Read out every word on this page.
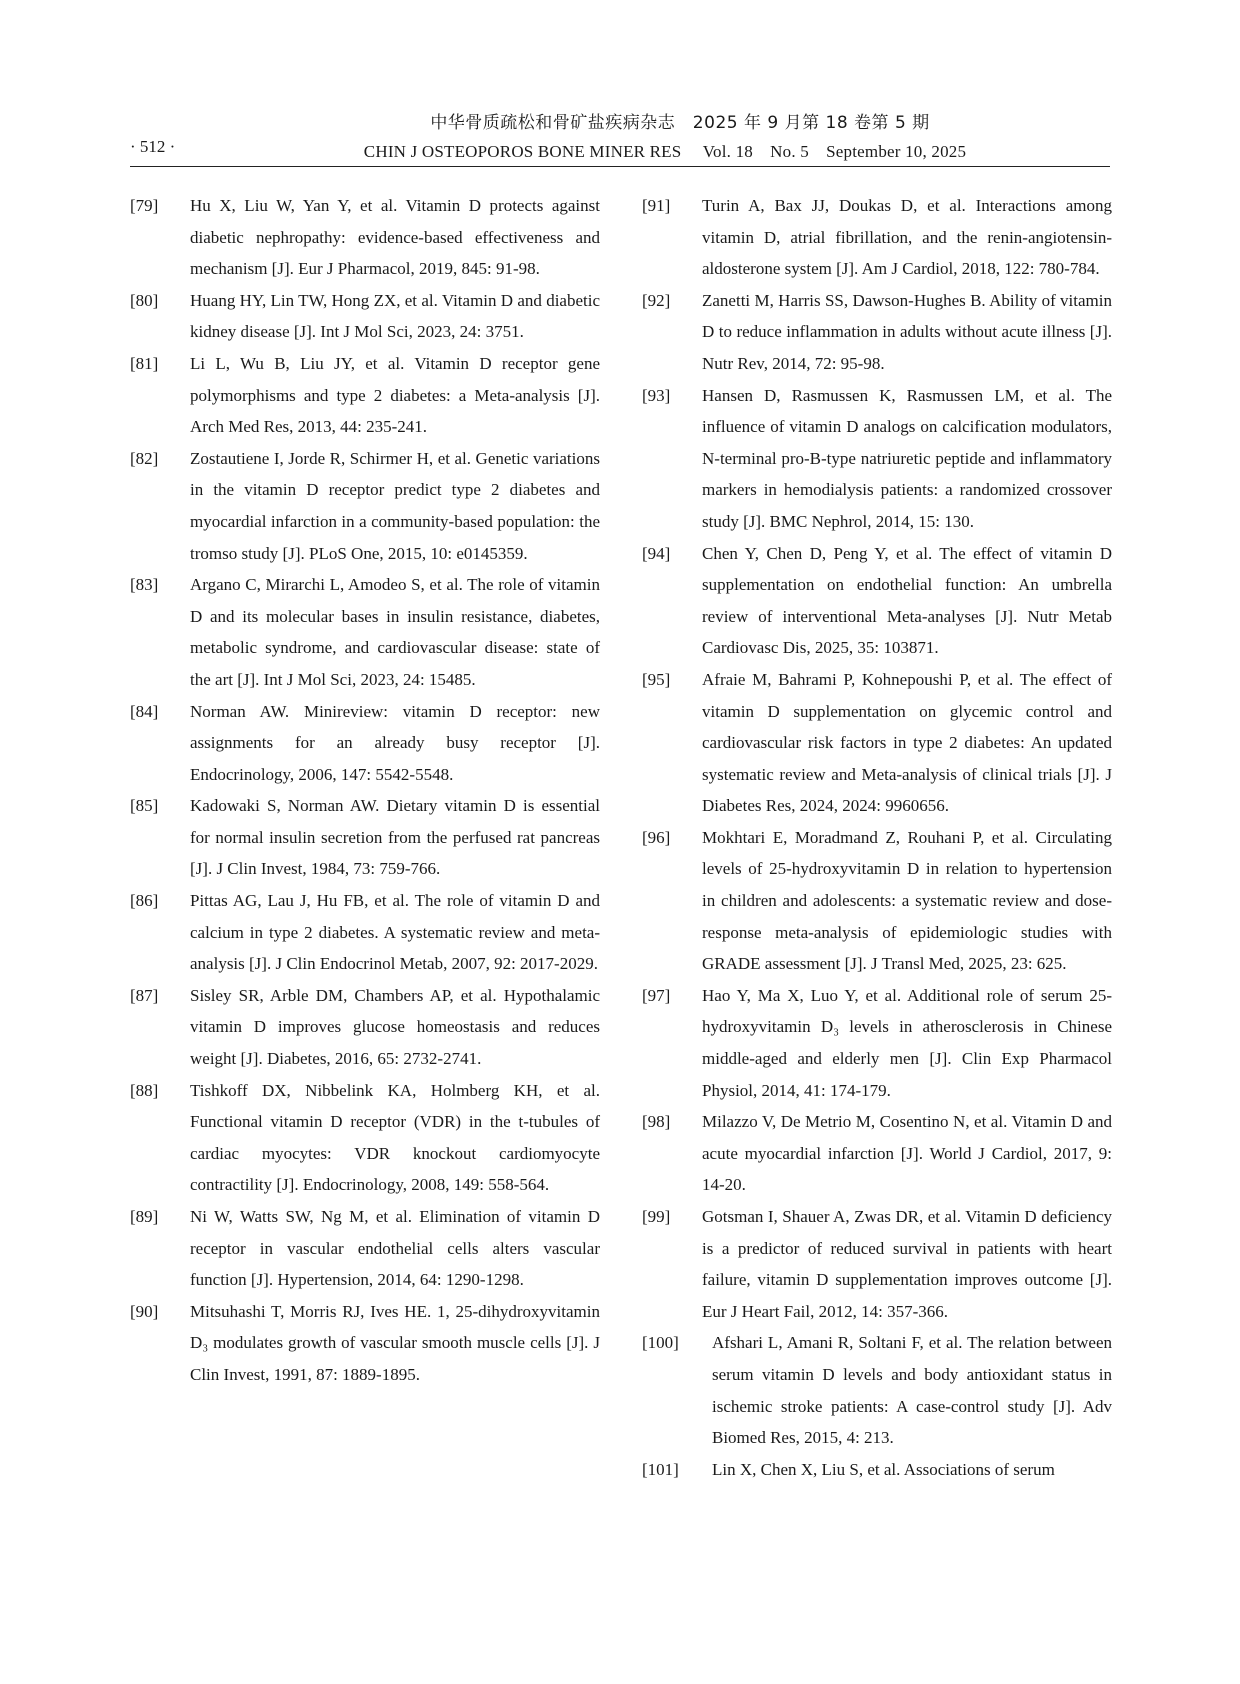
中华骨质疏松和骨矿盐疾病杂志　2025 年 9 月第 18 卷第 5 期
· 512 ·	CHIN J OSTEOPOROS BONE MINER RES　 Vol. 18　No. 5　September 10, 2025
[79]	Hu X, Liu W, Yan Y, et al. Vitamin D protects against diabetic nephropathy: evidence-based effectiveness and mechanism [J]. Eur J Pharmacol, 2019, 845: 91-98.
[80]	Huang HY, Lin TW, Hong ZX, et al. Vitamin D and diabetic kidney disease [J]. Int J Mol Sci, 2023, 24: 3751.
[81]	Li L, Wu B, Liu JY, et al. Vitamin D receptor gene polymorphisms and type 2 diabetes: a Meta-analysis [J]. Arch Med Res, 2013, 44: 235-241.
[82]	Zostautiene I, Jorde R, Schirmer H, et al. Genetic variations in the vitamin D receptor predict type 2 diabetes and myocardial infarction in a community-based population: the tromso study [J]. PLoS One, 2015, 10: e0145359.
[83]	Argano C, Mirarchi L, Amodeo S, et al. The role of vitamin D and its molecular bases in insulin resistance, diabetes, metabolic syndrome, and cardiovascular disease: state of the art [J]. Int J Mol Sci, 2023, 24: 15485.
[84]	Norman AW. Minireview: vitamin D receptor: new assignments for an already busy receptor [J]. Endocrinology, 2006, 147: 5542-5548.
[85]	Kadowaki S, Norman AW. Dietary vitamin D is essential for normal insulin secretion from the perfused rat pancreas [J]. J Clin Invest, 1984, 73: 759-766.
[86]	Pittas AG, Lau J, Hu FB, et al. The role of vitamin D and calcium in type 2 diabetes. A systematic review and meta-analysis [J]. J Clin Endocrinol Metab, 2007, 92: 2017-2029.
[87]	Sisley SR, Arble DM, Chambers AP, et al. Hypothalamic vitamin D improves glucose homeostasis and reduces weight [J]. Diabetes, 2016, 65: 2732-2741.
[88]	Tishkoff DX, Nibbelink KA, Holmberg KH, et al. Functional vitamin D receptor (VDR) in the t-tubules of cardiac myocytes: VDR knockout cardiomyocyte contractility [J]. Endocrinology, 2008, 149: 558-564.
[89]	Ni W, Watts SW, Ng M, et al. Elimination of vitamin D receptor in vascular endothelial cells alters vascular function [J]. Hypertension, 2014, 64: 1290-1298.
[90]	Mitsuhashi T, Morris RJ, Ives HE. 1, 25-dihydroxyvitamin D₃ modulates growth of vascular smooth muscle cells [J]. J Clin Invest, 1991, 87: 1889-1895.
[91]	Turin A, Bax JJ, Doukas D, et al. Interactions among vitamin D, atrial fibrillation, and the renin-angiotensin-aldosterone system [J]. Am J Cardiol, 2018, 122: 780-784.
[92]	Zanetti M, Harris SS, Dawson-Hughes B. Ability of vitamin D to reduce inflammation in adults without acute illness [J]. Nutr Rev, 2014, 72: 95-98.
[93]	Hansen D, Rasmussen K, Rasmussen LM, et al. The influence of vitamin D analogs on calcification modulators, N-terminal pro-B-type natriuretic peptide and inflammatory markers in hemodialysis patients: a randomized crossover study [J]. BMC Nephrol, 2014, 15: 130.
[94]	Chen Y, Chen D, Peng Y, et al. The effect of vitamin D supplementation on endothelial function: An umbrella review of interventional Meta-analyses [J]. Nutr Metab Cardiovasc Dis, 2025, 35: 103871.
[95]	Afraie M, Bahrami P, Kohnepoushi P, et al. The effect of vitamin D supplementation on glycemic control and cardiovascular risk factors in type 2 diabetes: An updated systematic review and Meta-analysis of clinical trials [J]. J Diabetes Res, 2024, 2024: 9960656.
[96]	Mokhtari E, Moradmand Z, Rouhani P, et al. Circulating levels of 25-hydroxyvitamin D in relation to hypertension in children and adolescents: a systematic review and dose-response meta-analysis of epidemiologic studies with GRADE assessment [J]. J Transl Med, 2025, 23: 625.
[97]	Hao Y, Ma X, Luo Y, et al. Additional role of serum 25-hydroxyvitamin D₃ levels in atherosclerosis in Chinese middle-aged and elderly men [J]. Clin Exp Pharmacol Physiol, 2014, 41: 174-179.
[98]	Milazzo V, De Metrio M, Cosentino N, et al. Vitamin D and acute myocardial infarction [J]. World J Cardiol, 2017, 9: 14-20.
[99]	Gotsman I, Shauer A, Zwas DR, et al. Vitamin D deficiency is a predictor of reduced survival in patients with heart failure, vitamin D supplementation improves outcome [J]. Eur J Heart Fail, 2012, 14: 357-366.
[100]	Afshari L, Amani R, Soltani F, et al. The relation between serum vitamin D levels and body antioxidant status in ischemic stroke patients: A case-control study [J]. Adv Biomed Res, 2015, 4: 213.
[101]	Lin X, Chen X, Liu S, et al. Associations of serum
